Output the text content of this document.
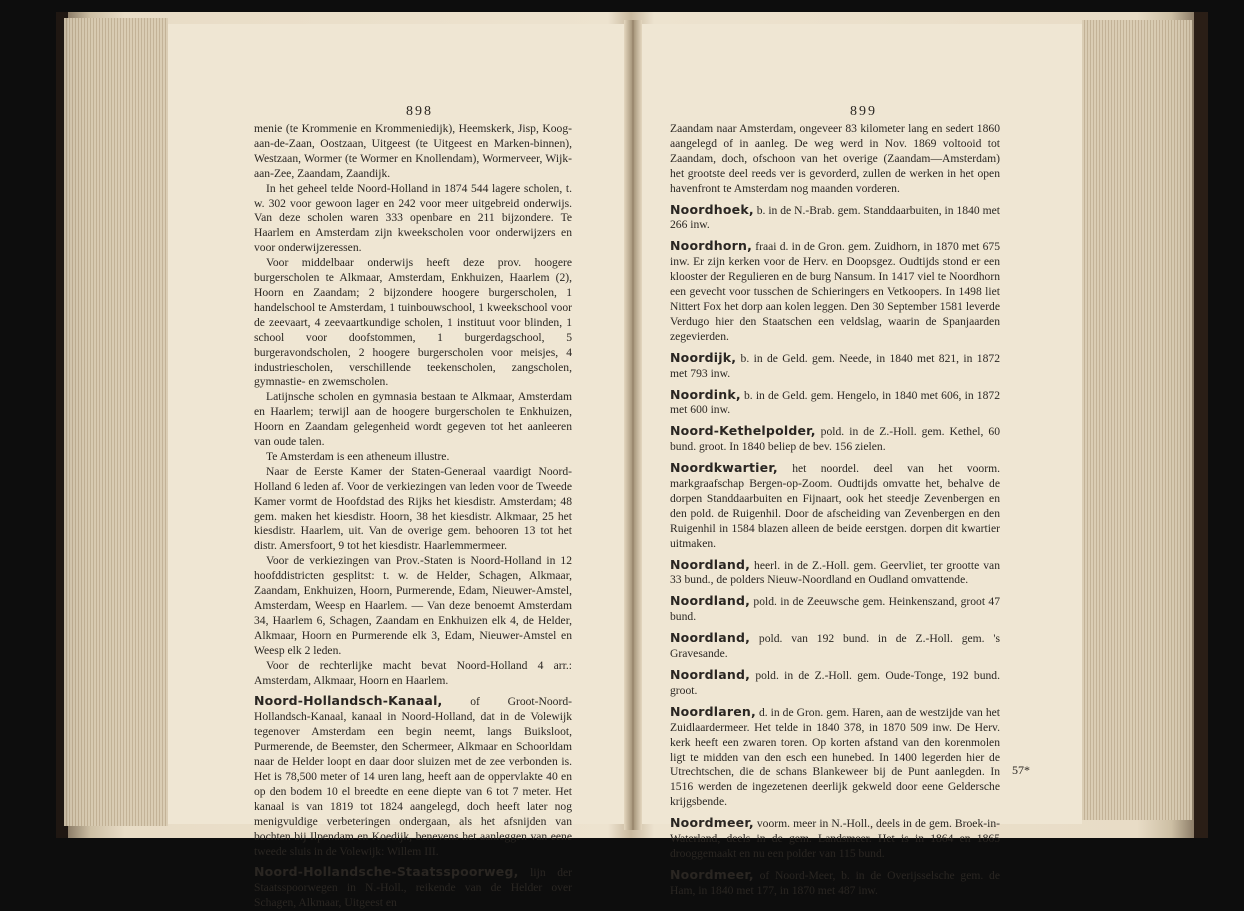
898

menie (te Krommenie en Krommeniedijk), Heemskerk, Jisp, Koog-aan-de-Zaan, Oostzaan, Uitgeest (te Uitgeest en Marken-binnen), Westzaan, Wormer (te Wormer en Knollendam), Wormerveer, Wijk-aan-Zee, Zaandam, Zaandijk.

In het geheel telde Noord-Holland in 1874 544 lagere scholen, t. w. 302 voor gewoon lager en 242 voor meer uitgebreid onderwijs. Van deze scholen waren 333 openbare en 211 bijzondere. Te Haarlem en Amsterdam zijn kweekscholen voor onderwijzers en voor onderwijzeressen.

Voor middelbaar onderwijs heeft deze prov. hoogere burgerscholen te Alkmaar, Amsterdam, Enkhuizen, Haarlem (2), Hoorn en Zaandam; 2 bijzondere hoogere burgerscholen, 1 handelschool te Amsterdam, 1 tuinbouwschool, 1 kweekschool voor de zeevaart, 4 zeevaartkundige scholen, 1 instituut voor blinden, 1 school voor doofstommen, 1 burgerdagschool, 5 burgeravondscholen, 2 hoogere burgerscholen voor meisjes, 4 industriescholen, verschillende teekenscholen, zangscholen, gymnastie- en zwemscholen.

Latijnsche scholen en gymnasia bestaan te Alkmaar, Amsterdam en Haarlem; terwijl aan de hoogere burgerscholen te Enkhuizen, Hoorn en Zaandam gelegenheid wordt gegeven tot het aanleeren van oude talen.

Te Amsterdam is een atheneum illustre.

Naar de Eerste Kamer der Staten-Generaal vaardigt Noord-Holland 6 leden af. Voor de verkiezingen van leden voor de Tweede Kamer vormt de Hoofdstad des Rijks het kiesdistr. Amsterdam; 48 gem. maken het kiesdistr. Hoorn, 38 het kiesdistr. Alkmaar, 25 het kiesdistr. Haarlem, uit. Van de overige gem. behooren 13 tot het distr. Amersfoort, 9 tot het kiesdistr. Haarlemmermeer.

Voor de verkiezingen van Prov.-Staten is Noord-Holland in 12 hoofddistricten gesplitst: t. w. de Helder, Schagen, Alkmaar, Zaandam, Enkhuizen, Hoorn, Purmerende, Edam, Nieuwer-Amstel, Amsterdam, Weesp en Haarlem. — Van deze benoemt Amsterdam 34, Haarlem 6, Schagen, Zaandam en Enkhuizen elk 4, de Helder, Alkmaar, Hoorn en Purmerende elk 3, Edam, Nieuwer-Amstel en Weesp elk 2 leden.

Voor de rechterlijke macht bevat Noord-Holland 4 arr.: Amsterdam, Alkmaar, Hoorn en Haarlem.

Noord-Hollandsch-Kanaal, of Groot-Noord-Hollandsch-Kanaal, kanaal in Noord-Holland, dat in de Volewijk tegenover Amsterdam een begin neemt, langs Buiksloot, Purmerende, de Beemster, den Schermeer, Alkmaar en Schoorldam naar de Helder loopt en daar door sluizen met de zee verbonden is. Het is 78,500 meter of 14 uren lang, heeft aan de oppervlakte 40 en op den bodem 10 el breedte en eene diepte van 6 tot 7 meter. Het kanaal is van 1819 tot 1824 aangelegd, doch heeft later nog menigvuldige verbeteringen ondergaan, als het afsnijden van bochten bij Ilpendam en Koedijk, benevens het aanleggen van eene tweede sluis in de Volewijk: Willem III.

Noord-Hollandsche-Staatsspoorweg, lijn der Staatsspoorwegen in N.-Holl., reikende van de Helder over Schagen, Alkmaar, Uitgeest en

899

Zaandam naar Amsterdam, ongeveer 83 kilometer lang en sedert 1860 aangelegd of in aanleg. De weg werd in Nov. 1869 voltooid tot Zaandam, doch, ofschoon van het overige (Zaandam—Amsterdam) het grootste deel reeds ver is gevorderd, zullen de werken in het open havenfront te Amsterdam nog maanden vorderen.

Noordhoek, b. in de N.-Brab. gem. Standdaarbuiten, in 1840 met 266 inw.

Noordhorn, fraai d. in de Gron. gem. Zuidhorn, in 1870 met 675 inw. Er zijn kerken voor de Herv. en Doopsgez. Oudtijds stond er een klooster der Regulieren en de burg Nansum. In 1417 viel te Noordhorn een gevecht voor tusschen de Schieringers en Vetkoopers. In 1498 liet Nittert Fox het dorp aan kolen leggen. Den 30 September 1581 leverde Verdugo hier den Staatschen een veldslag, waarin de Spanjaarden zegevierden.

Noordijk, b. in de Geld. gem. Neede, in 1840 met 821, in 1872 met 793 inw.

Noordink, b. in de Geld. gem. Hengelo, in 1840 met 606, in 1872 met 600 inw.

Noord-Kethelpolder, pold. in de Z.-Holl. gem. Kethel, 60 bund. groot. In 1840 beliep de bev. 156 zielen.

Noordkwartier, het noordel. deel van het voorm. markgraafschap Bergen-op-Zoom. Oudtijds omvatte het, behalve de dorpen Standdaarbuiten en Fijnaart, ook het steedje Zevenbergen en den pold. de Ruigenhil. Door de afscheiding van Zevenbergen en den Ruigenhil in 1584 blazen alleen de beide eerstgen. dorpen dit kwartier uitmaken.

Noordland, heerl. in de Z.-Holl. gem. Geervliet, ter grootte van 33 bund., de polders Nieuw-Noordland en Oudland omvattende.

Noordland, pold. in de Zeeuwsche gem. Heinkenszand, groot 47 bund.

Noordland, pold. van 192 bund. in de Z.-Holl. gem. 's Gravesande.

Noordland, pold. in de Z.-Holl. gem. Oude-Tonge, 192 bund. groot.

Noordlaren, d. in de Gron. gem. Haren, aan de westzijde van het Zuidlaardermeer. Het telde in 1840 378, in 1870 509 inw. De Herv. kerk heeft een zwaren toren. Op korten afstand van den korenmolen ligt te midden van den esch een hunebed. In 1400 legerden hier de Utrechtschen, die de schans Blankeweer bij de Punt aanlegden. In 1516 werden de ingezetenen deerlijk gekweld door eene Geldersche krijgsbende.

Noordmeer, voorm. meer in N.-Holl., deels in de gem. Broek-in-Waterland, deels in de gem. Landsmeer. Het is in 1864 en 1865 drooggemaakt en nu een polder van 115 bund.

Noordmeer, of Noord-Meer, b. in de Overijsselsche gem. de Ham, in 1840 met 177, in 1870 met 487 inw.

57*
